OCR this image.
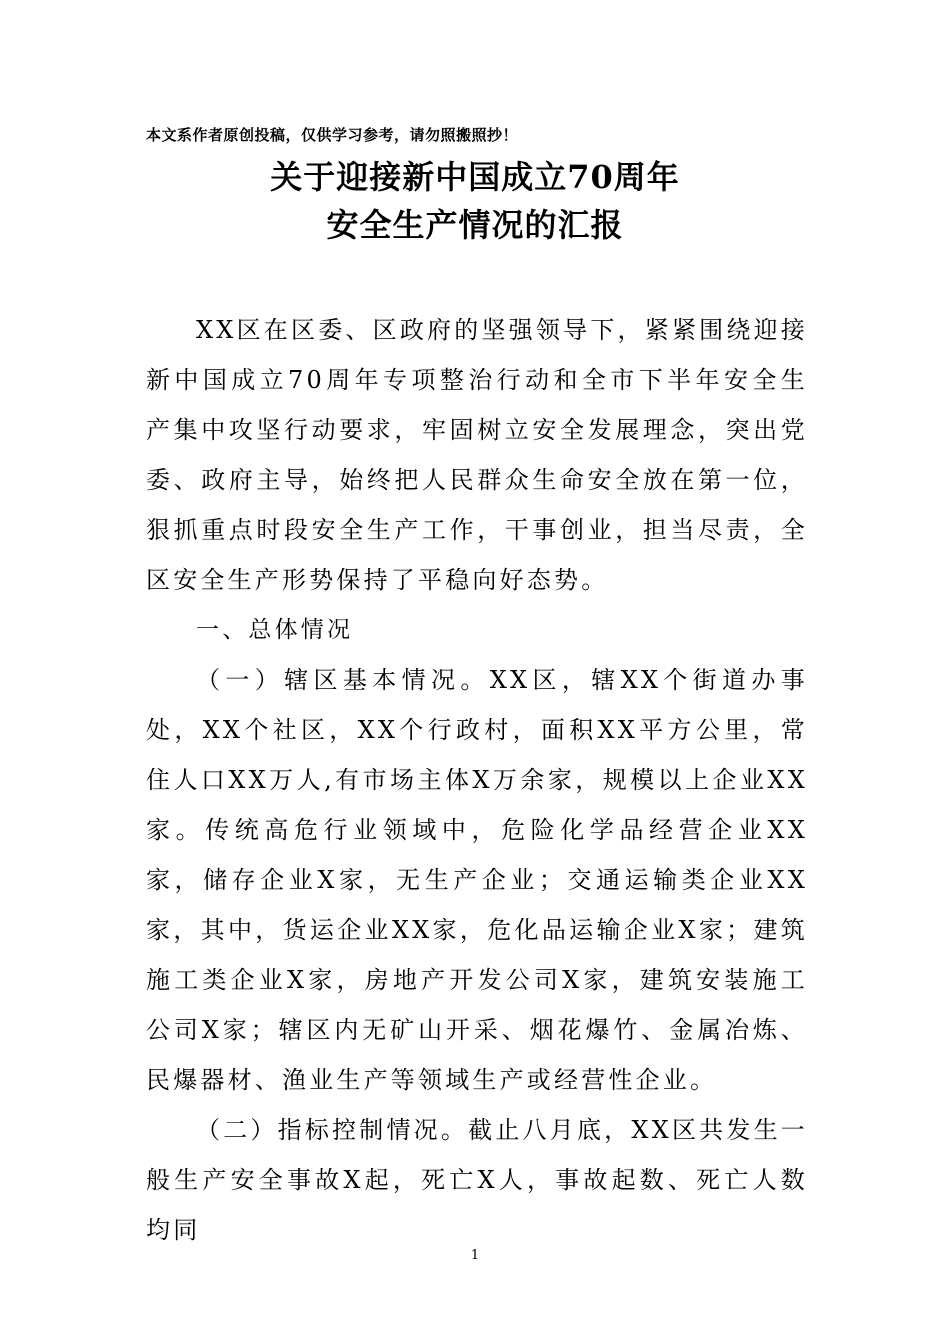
本文系作者原创投稿，仅供学习参考，请勿照搬照抄！
关于迎接新中国成立70周年
安全生产情况的汇报

XX区在区委、区政府的坚强领导下，紧紧围绕迎接新中国成立70周年专项整治行动和全市下半年安全生产集中攻坚行动要求，牢固树立安全发展理念，突出党委、政府主导，始终把人民群众生命安全放在第一位，狠抓重点时段安全生产工作，干事创业，担当尽责，全区安全生产形势保持了平稳向好态势。

一、总体情况

（一）辖区基本情况。XX区，辖XX个街道办事处，XX个社区，XX个行政村，面积XX平方公里，常住人口XX万人,有市场主体X万余家，规模以上企业XX家。传统高危行业领域中，危险化学品经营企业XX家，储存企业X家，无生产企业；交通运输类企业XX家，其中，货运企业XX家，危化品运输企业X家；建筑施工类企业X家，房地产开发公司X家，建筑安装施工公司X家；辖区内无矿山开采、烟花爆竹、金属冶炼、民爆器材、渔业生产等领域生产或经营性企业。

（二）指标控制情况。截止八月底，XX区共发生一般生产安全事故X起，死亡X人，事故起数、死亡人数均同

1
